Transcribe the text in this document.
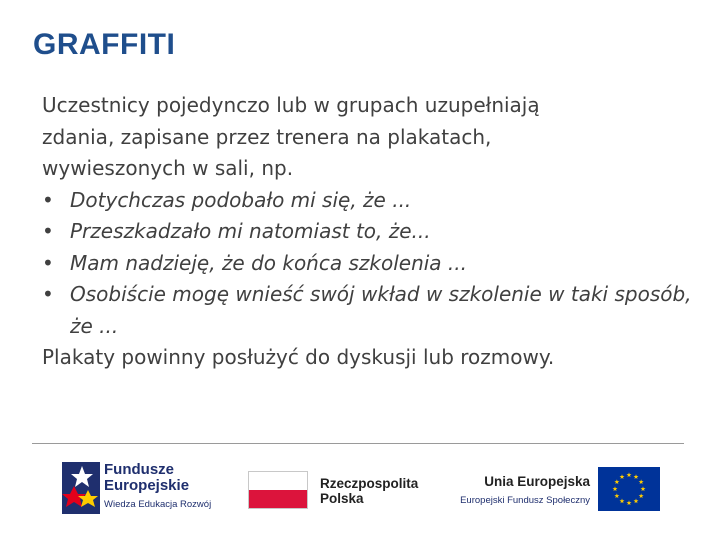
GRAFFITI

Uczestnicy pojedynczo lub w grupach uzupełniają
zdania, zapisane przez trenera na plakatach,
wywieszonych w sali, np.

• Dotychczas podobało mi się, że ...
• Przeszkadzało mi natomiast to, że...
• Mam nadzieję, że do końca szkolenia ...
• Osobiście mogę wnieść swój wkład w szkolenie w taki sposób, że ...

Plakaty powinny posłużyć do dyskusji lub rozmowy.

Fundusze
Europejskie
Wiedza Edukacja Rozwój
Rzeczpospolita
Polska
Unia Europejska
Europejski Fundusz Społeczny
